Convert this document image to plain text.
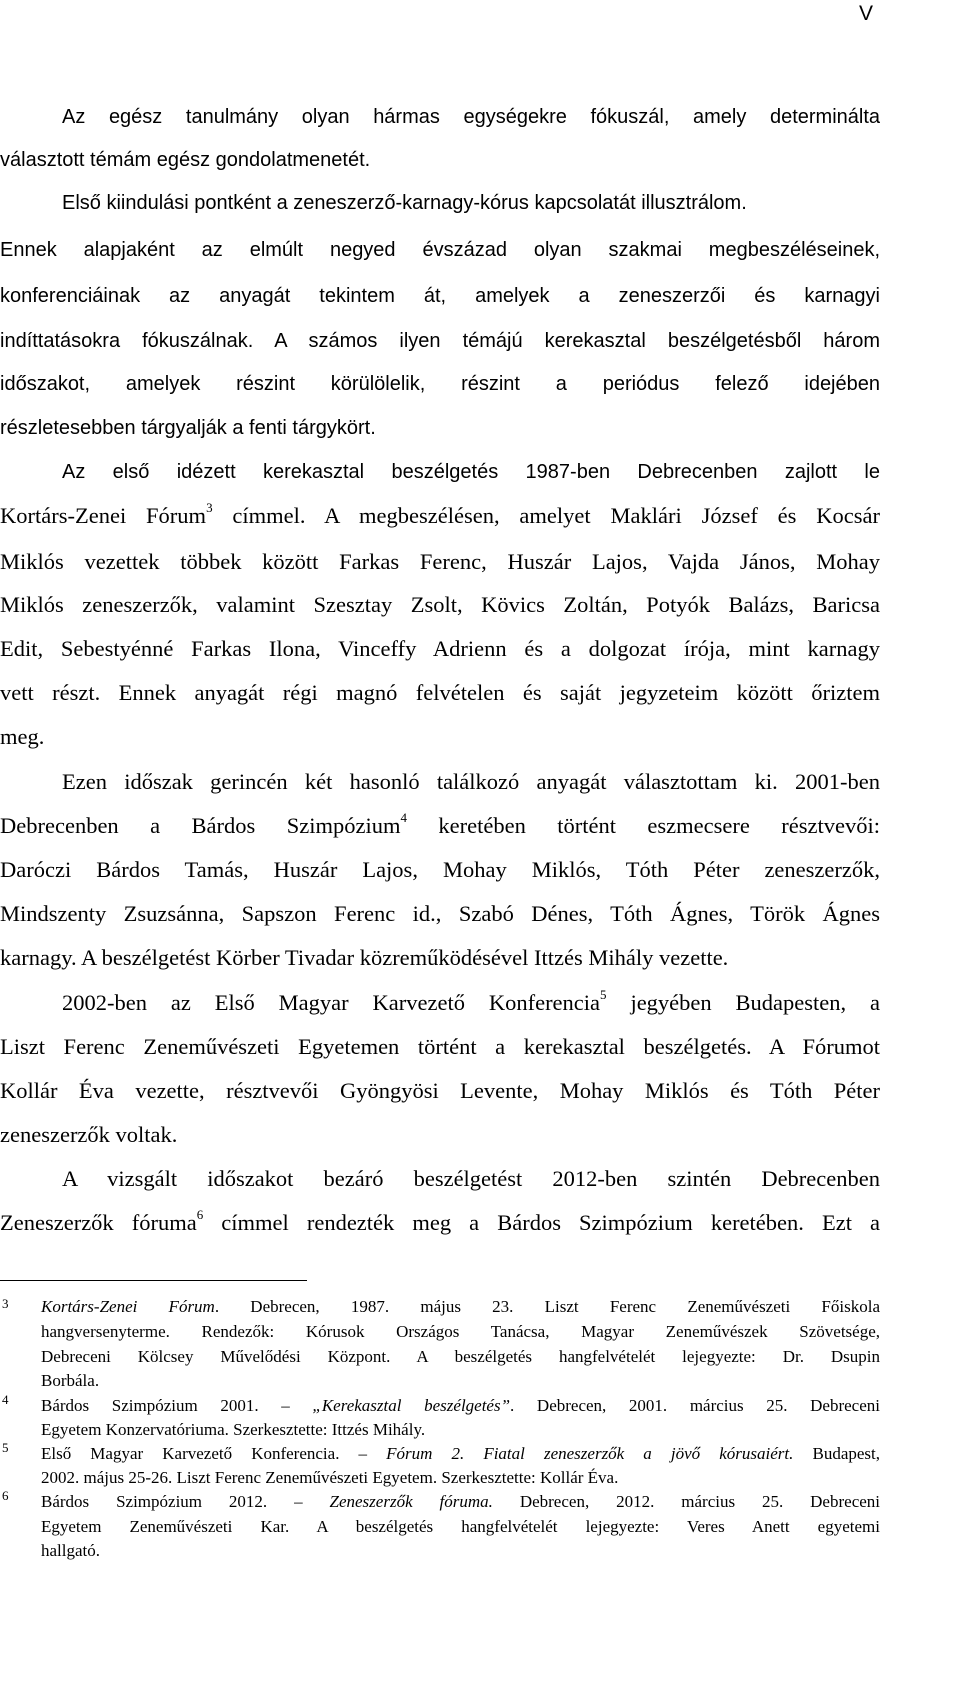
V
Az egész tanulmány olyan hármas egységekre fókuszál, amely determinálta
választott témám egész gondolatmenetét.
Első kiindulási pontként a zeneszerző-karnagy-kórus kapcsolatát illusztrálom.
Ennek alapjaként az elmúlt negyed évszázad olyan szakmai megbeszéléseinek,
konferenciáinak az anyagát tekintem át, amelyek a zeneszerzői és karnagyi
indíttatásokra fókuszálnak. A számos ilyen témájú kerekasztal beszélgetésből három
időszakot, amelyek részint körülölelik, részint a periódus felező idejében
részletesebben tárgyalják a fenti tárgykört.
Az első idézett kerekasztal beszélgetés 1987-ben Debrecenben zajlott le
Kortárs-Zenei Fórum$^3$ címmel. A megbeszélésen, amelyet Maklári József és Kocsár
Miklós vezettek többek között Farkas Ferenc, Huszár Lajos, Vajda János, Mohay
Miklós zeneszerzők, valamint Szesztay Zsolt, Kövics Zoltán, Potyók Balázs, Baricsa
Edit, Sebestyénné Farkas Ilona, Vinceffy Adrienn és a dolgozat írója, mint karnagy
vett részt. Ennek anyagát régi magnó felvételen és saját jegyzeteim között őriztem
meg.
Ezen időszak gerincén két hasonló találkozó anyagát választottam ki. 2001-ben
Debrecenben a Bárdos Szimpózium$^4$ keretében történt eszmecsere résztvevői:
Daróczi Bárdos Tamás, Huszár Lajos, Mohay Miklós, Tóth Péter zeneszerzők,
Mindszenty Zsuzsánna, Sapszon Ferenc id., Szabó Dénes, Tóth Ágnes, Török Ágnes
karnagy. A beszélgetést Körber Tivadar közreműködésével Ittzés Mihály vezette.
2002-ben az Első Magyar Karvezető Konferencia$^5$ jegyében Budapesten, a
Liszt Ferenc Zeneművészeti Egyetemen történt a kerekasztal beszélgetés. A Fórumot
Kollár Éva vezette, résztvevői Gyöngyösi Levente, Mohay Miklós és Tóth Péter
zeneszerzők voltak.
A vizsgált időszakot bezáró beszélgetést 2012-ben szintén Debrecenben
Zeneszerzők fóruma$^6$ címmel rendezték meg a Bárdos Szimpózium keretében. Ezt a
3	Kortárs-Zenei Fórum. Debrecen, 1987. május 23. Liszt Ferenc Zeneművészeti Főiskola
hangversenyterme. Rendezők: Kórusok Országos Tanácsa, Magyar Zeneművészek Szövetsége,
Debreceni Kölcsey Művelődési Központ. A beszélgetés hangfelvételét lejegyezte: Dr. Dsupin
Borbála.
4	Bárdos Szimpózium 2001. – „Kerekasztal beszélgetés”. Debrecen, 2001. március 25. Debreceni
Egyetem Konzervatóriuma. Szerkesztette: Ittzés Mihály.
5	Első Magyar Karvezető Konferencia. – Fórum 2. Fiatal zeneszerzők a jövő kórusaiért. Budapest,
2002. május 25-26. Liszt Ferenc Zeneművészeti Egyetem. Szerkesztette: Kollár Éva.
6	Bárdos Szimpózium 2012. – Zeneszerzők fóruma. Debrecen, 2012. március 25. Debreceni
Egyetem Zeneművészeti Kar. A beszélgetés hangfelvételét lejegyezte: Veres Anett egyetemi
hallgató.
